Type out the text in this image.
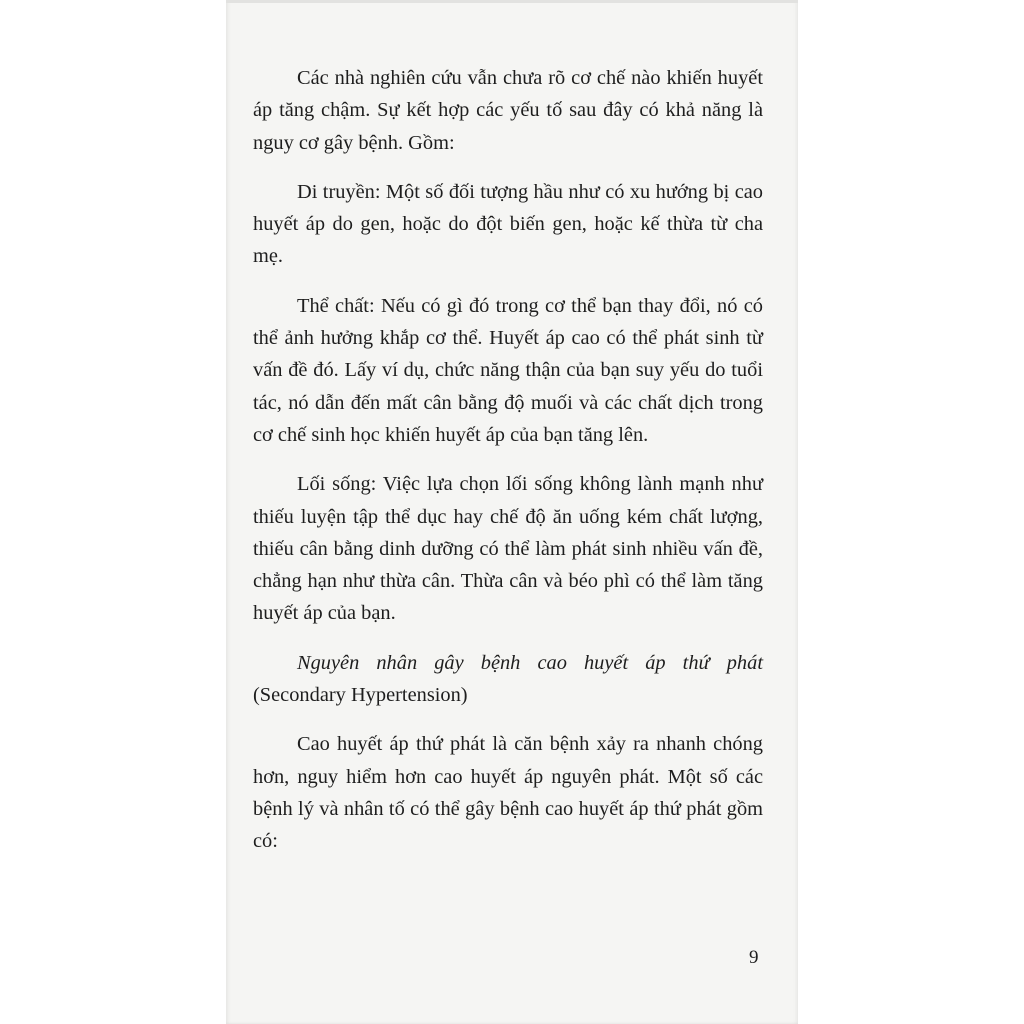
Các nhà nghiên cứu vẫn chưa rõ cơ chế nào khiến huyết áp tăng chậm. Sự kết hợp các yếu tố sau đây có khả năng là nguy cơ gây bệnh. Gồm:

Di truyền: Một số đối tượng hầu như có xu hướng bị cao huyết áp do gen, hoặc do đột biến gen, hoặc kế thừa từ cha mẹ.

Thể chất: Nếu có gì đó trong cơ thể bạn thay đổi, nó có thể ảnh hưởng khắp cơ thể. Huyết áp cao có thể phát sinh từ vấn đề đó. Lấy ví dụ, chức năng thận của bạn suy yếu do tuổi tác, nó dẫn đến mất cân bằng độ muối và các chất dịch trong cơ chế sinh học khiến huyết áp của bạn tăng lên.

Lối sống: Việc lựa chọn lối sống không lành mạnh như thiếu luyện tập thể dục hay chế độ ăn uống kém chất lượng, thiếu cân bằng dinh dưỡng có thể làm phát sinh nhiều vấn đề, chẳng hạn như thừa cân. Thừa cân và béo phì có thể làm tăng huyết áp của bạn.

Nguyên nhân gây bệnh cao huyết áp thứ phát (Secondary Hypertension)

Cao huyết áp thứ phát là căn bệnh xảy ra nhanh chóng hơn, nguy hiểm hơn cao huyết áp nguyên phát. Một số các bệnh lý và nhân tố có thể gây bệnh cao huyết áp thứ phát gồm có:

9
